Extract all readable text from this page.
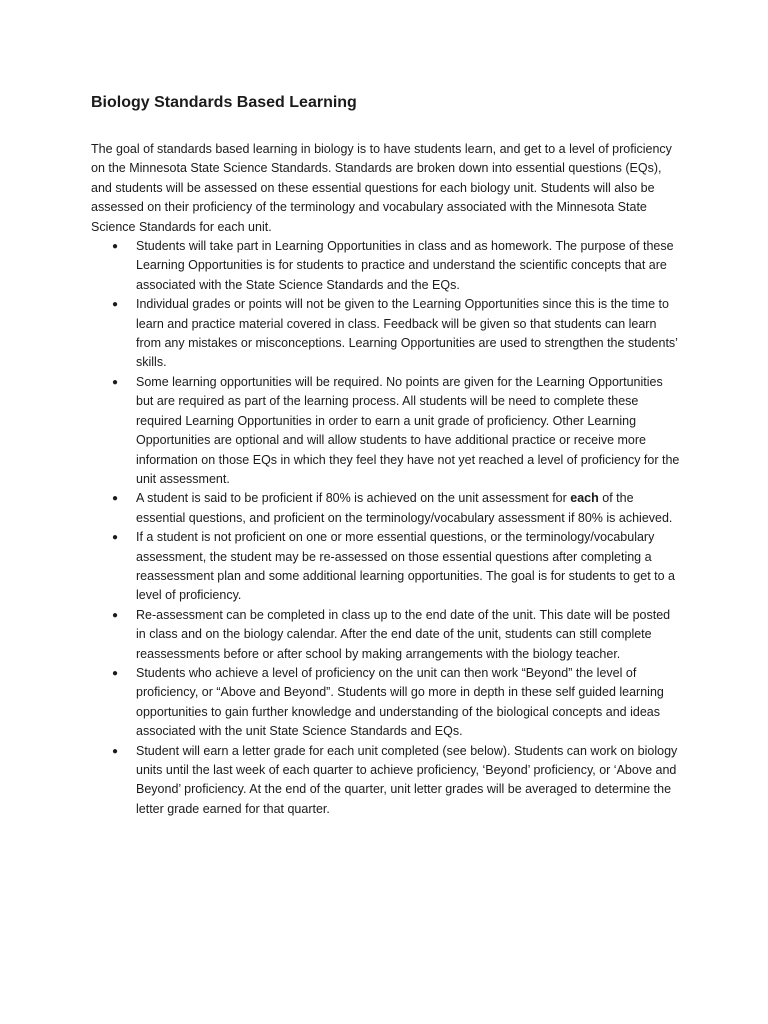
Biology Standards Based Learning

The goal of standards based learning in biology is to have students learn, and get to a level of proficiency on the Minnesota State Science Standards. Standards are broken down into essential questions (EQs), and students will be assessed on these essential questions for each biology unit. Students will also be assessed on their proficiency of the terminology and vocabulary associated with the Minnesota State Science Standards for each unit.

● Students will take part in Learning Opportunities in class and as homework. The purpose of these Learning Opportunities is for students to practice and understand the scientific concepts that are associated with the State Science Standards and the EQs.
● Individual grades or points will not be given to the Learning Opportunities since this is the time to learn and practice material covered in class. Feedback will be given so that students can learn from any mistakes or misconceptions. Learning Opportunities are used to strengthen the students’ skills.
● Some learning opportunities will be required. No points are given for the Learning Opportunities but are required as part of the learning process. All students will be need to complete these required Learning Opportunities in order to earn a unit grade of proficiency. Other Learning Opportunities are optional and will allow students to have additional practice or receive more information on those EQs in which they feel they have not yet reached a level of proficiency for the unit assessment.
● A student is said to be proficient if 80% is achieved on the unit assessment for each of the essential questions, and proficient on the terminology/vocabulary assessment if 80% is achieved.
● If a student is not proficient on one or more essential questions, or the terminology/vocabulary assessment, the student may be re-assessed on those essential questions after completing a reassessment plan and some additional learning opportunities. The goal is for students to get to a level of proficiency.
● Re-assessment can be completed in class up to the end date of the unit. This date will be posted in class and on the biology calendar. After the end date of the unit, students can still complete reassessments before or after school by making arrangements with the biology teacher.
● Students who achieve a level of proficiency on the unit can then work “Beyond” the level of proficiency, or “Above and Beyond”. Students will go more in depth in these self guided learning opportunities to gain further knowledge and understanding of the biological concepts and ideas associated with the unit State Science Standards and EQs.
● Student will earn a letter grade for each unit completed (see below). Students can work on biology units until the last week of each quarter to achieve proficiency, ‘Beyond’ proficiency, or ‘Above and Beyond’ proficiency. At the end of the quarter, unit letter grades will be averaged to determine the letter grade earned for that quarter.
